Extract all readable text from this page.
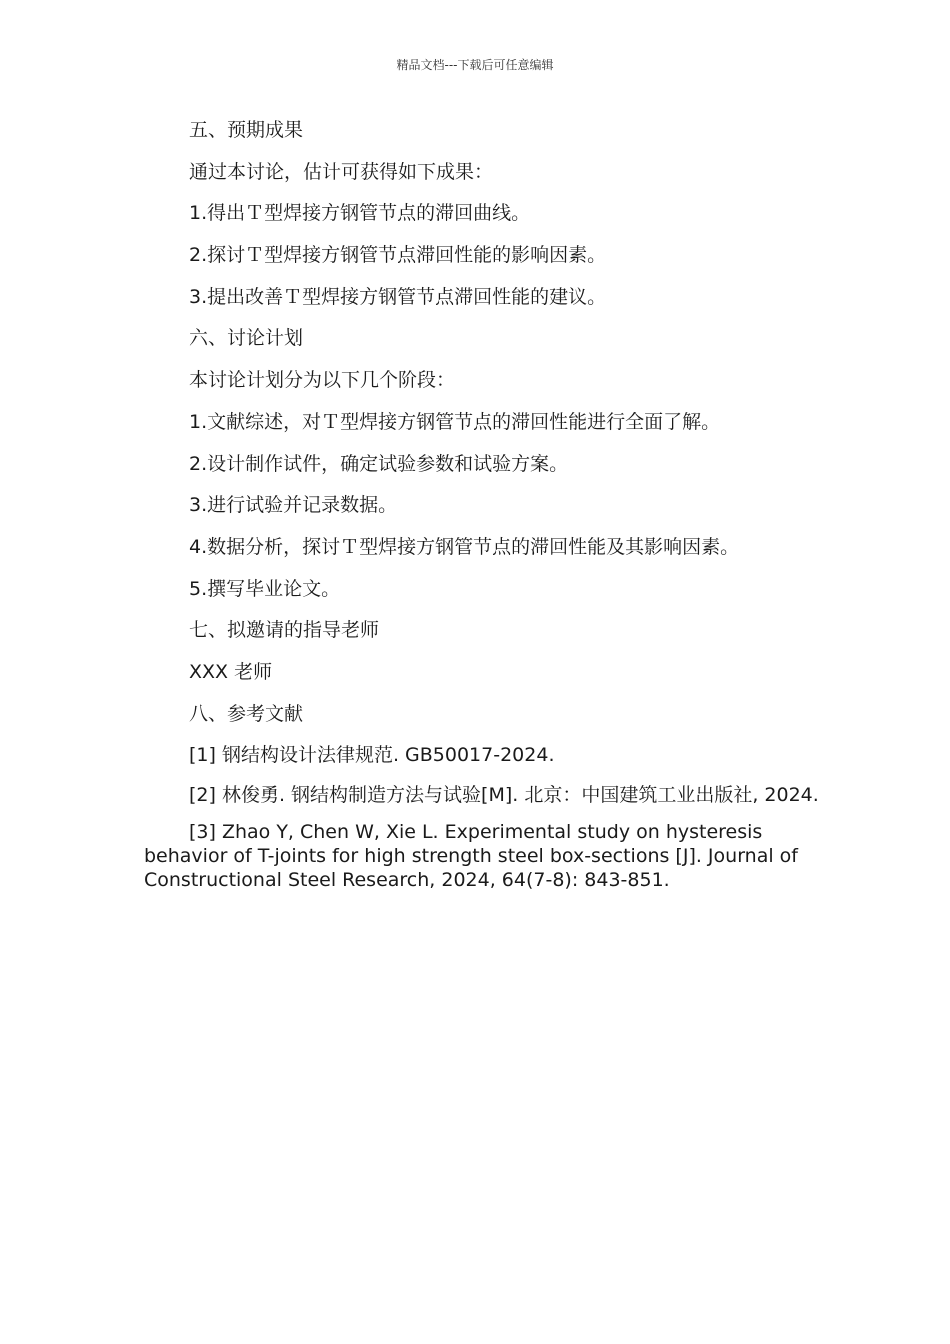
精品文档---下载后可任意编辑

五、预期成果

通过本讨论，估计可获得如下成果：

1.得出Ｔ型焊接方钢管节点的滞回曲线。

2.探讨Ｔ型焊接方钢管节点滞回性能的影响因素。

3.提出改善Ｔ型焊接方钢管节点滞回性能的建议。

六、讨论计划

本讨论计划分为以下几个阶段：

1.文献综述，对Ｔ型焊接方钢管节点的滞回性能进行全面了解。

2.设计制作试件，确定试验参数和试验方案。

3.进行试验并记录数据。

4.数据分析，探讨Ｔ型焊接方钢管节点的滞回性能及其影响因素。

5.撰写毕业论文。

七、拟邀请的指导老师

XXX 老师

八、参考文献

[1] 钢结构设计法律规范. GB50017-2024.

[2] 林俊勇. 钢结构制造方法与试验[M]. 北京：中国建筑工业出版社, 2024.

[3] Zhao Y, Chen W, Xie L. Experimental study on hysteresis behavior of T-joints for high strength steel box-sections [J]. Journal of Constructional Steel Research, 2024, 64(7-8): 843-851.
